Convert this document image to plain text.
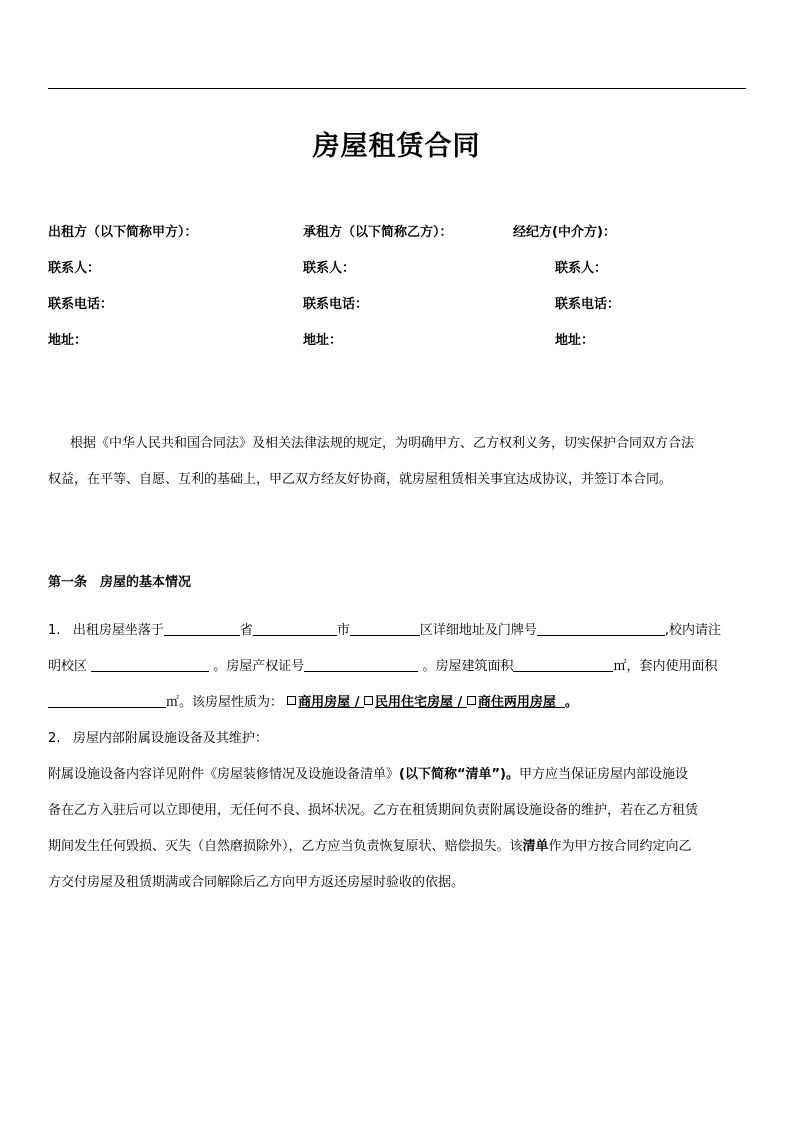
房屋租赁合同
出租方（以下简称甲方）：	承租方（以下简称乙方）：	经纪方(中介方)：
联系人：	联系人：	联系人：
联系电话：	联系电话：	联系电话：
地址：	地址：	地址：

根据《中华人民共和国合同法》及相关法律法规的规定，为明确甲方、乙方权利义务，切实保护合同双方合法

权益，在平等、自愿、互利的基础上，甲乙双方经友好协商，就房屋租赁相关事宜达成协议，并签订本合同。

第一条　房屋的基本情况

1. 出租房屋坐落于	省	市	区详细地址及门牌号	,校内请注

明校区	。房屋产权证号	。房屋建筑面积	㎡，套内使用面积

㎡。该房屋性质为： 商用房屋 / 民用住宅房屋 / 商住两用房屋 。

2. 房屋内部附属设施设备及其维护：

附属设施设备内容详见附件《房屋装修情况及设施设备清单》(以下简称“清单”)。甲方应当保证房屋内部设施设

备在乙方入驻后可以立即使用，无任何不良、损坏状况。乙方在租赁期间负责附属设施设备的维护，若在乙方租赁

期间发生任何毁损、灭失（自然磨损除外），乙方应当负责恢复原状、赔偿损失。该清单作为甲方按合同约定向乙

方交付房屋及租赁期满或合同解除后乙方向甲方返还房屋时验收的依据。
